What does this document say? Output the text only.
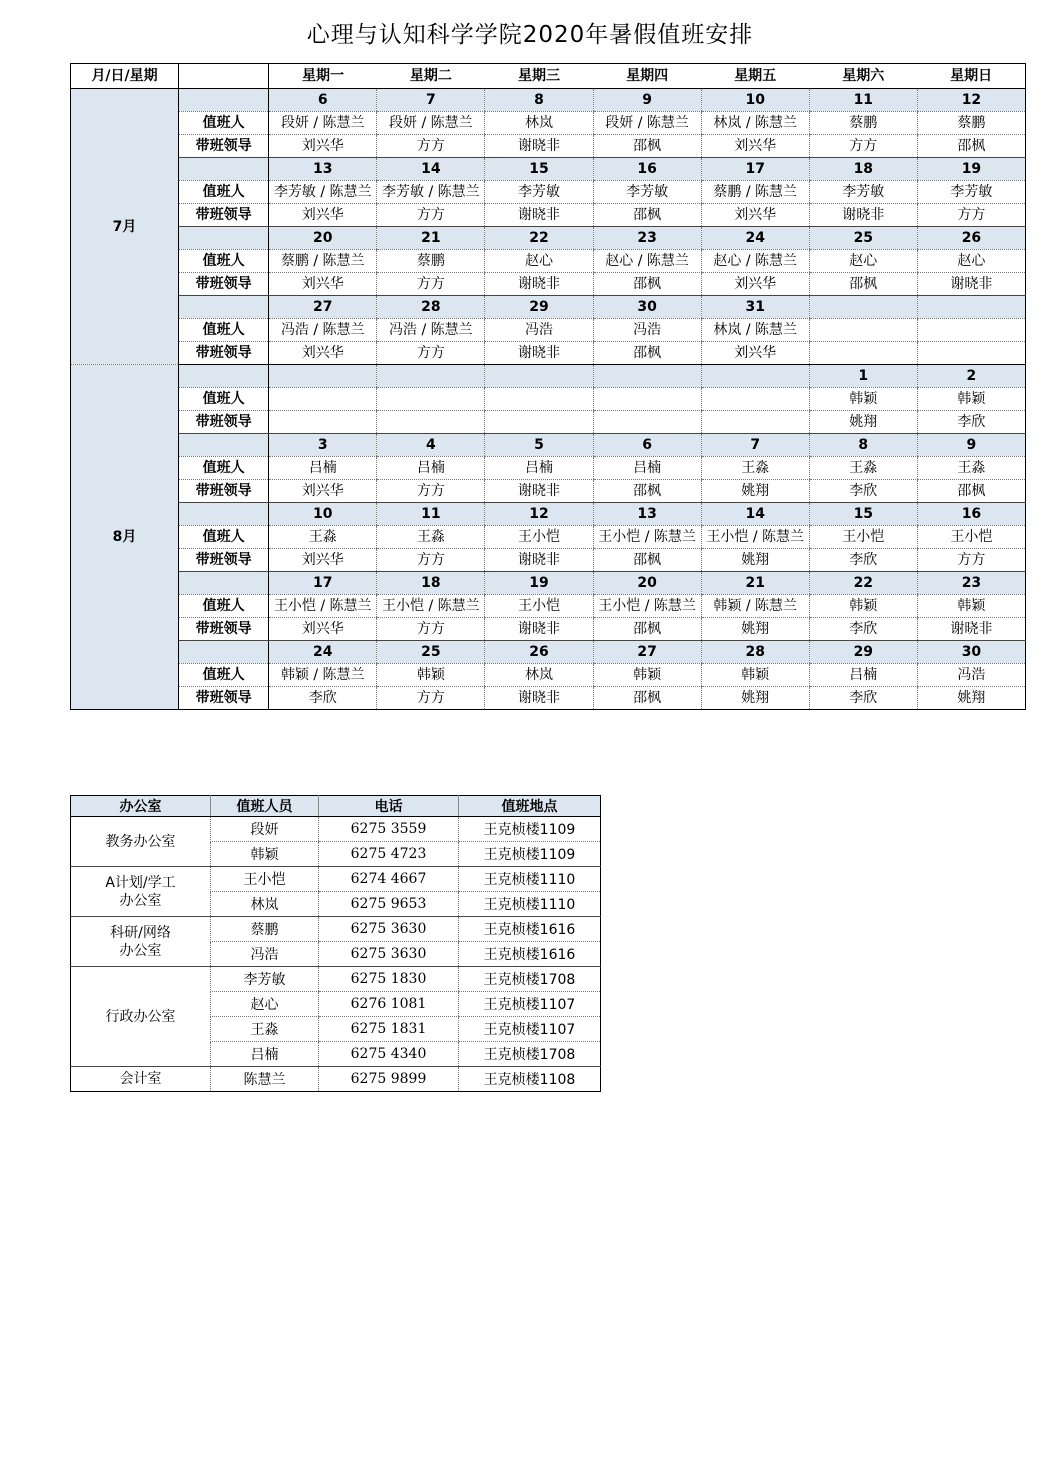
心理与认知科学学院2020年暑假值班安排
月/日/星期		星期一	星期二	星期三	星期四	星期五	星期六	星期日
7月		6	7	8	9	10	11	12
	值班人	段妍 / 陈慧兰	段妍 / 陈慧兰	林岚	段妍 / 陈慧兰	林岚 / 陈慧兰	蔡鹏	蔡鹏
	带班领导	刘兴华	方方	谢晓非	邵枫	刘兴华	方方	邵枫
		13	14	15	16	17	18	19
	值班人	李芳敏 / 陈慧兰	李芳敏 / 陈慧兰	李芳敏	李芳敏	蔡鹏 / 陈慧兰	李芳敏	李芳敏
	带班领导	刘兴华	方方	谢晓非	邵枫	刘兴华	谢晓非	方方
		20	21	22	23	24	25	26
	值班人	蔡鹏 / 陈慧兰	蔡鹏	赵心	赵心 / 陈慧兰	赵心 / 陈慧兰	赵心	赵心
	带班领导	刘兴华	方方	谢晓非	邵枫	刘兴华	邵枫	谢晓非
		27	28	29	30	31		
	值班人	冯浩 / 陈慧兰	冯浩 / 陈慧兰	冯浩	冯浩	林岚 / 陈慧兰		
	带班领导	刘兴华	方方	谢晓非	邵枫	刘兴华		
8月							1	2
	值班人						韩颖	韩颖
	带班领导						姚翔	李欣
		3	4	5	6	7	8	9
	值班人	吕楠	吕楠	吕楠	吕楠	王淼	王淼	王淼
	带班领导	刘兴华	方方	谢晓非	邵枫	姚翔	李欣	邵枫
		10	11	12	13	14	15	16
	值班人	王淼	王淼	王小恺	王小恺 / 陈慧兰	王小恺 / 陈慧兰	王小恺	王小恺
	带班领导	刘兴华	方方	谢晓非	邵枫	姚翔	李欣	方方
		17	18	19	20	21	22	23
	值班人	王小恺 / 陈慧兰	王小恺 / 陈慧兰	王小恺	王小恺 / 陈慧兰	韩颖 / 陈慧兰	韩颖	韩颖
	带班领导	刘兴华	方方	谢晓非	邵枫	姚翔	李欣	谢晓非
		24	25	26	27	28	29	30
	值班人	韩颖 / 陈慧兰	韩颖	林岚	韩颖	韩颖	吕楠	冯浩
	带班领导	李欣	方方	谢晓非	邵枫	姚翔	李欣	姚翔
办公室	值班人员	电话	值班地点
教务办公室	段妍	6275 3559	王克桢楼1109
	韩颖	6275 4723	王克桢楼1109
A计划/学工
办公室	王小恺	6274 4667	王克桢楼1110
	林岚	6275 9653	王克桢楼1110
科研/网络
办公室	蔡鹏	6275 3630	王克桢楼1616
	冯浩	6275 3630	王克桢楼1616
行政办公室	李芳敏	6275 1830	王克桢楼1708
	赵心	6276 1081	王克桢楼1107
	王淼	6275 1831	王克桢楼1107
	吕楠	6275 4340	王克桢楼1708
会计室	陈慧兰	6275 9899	王克桢楼1108
